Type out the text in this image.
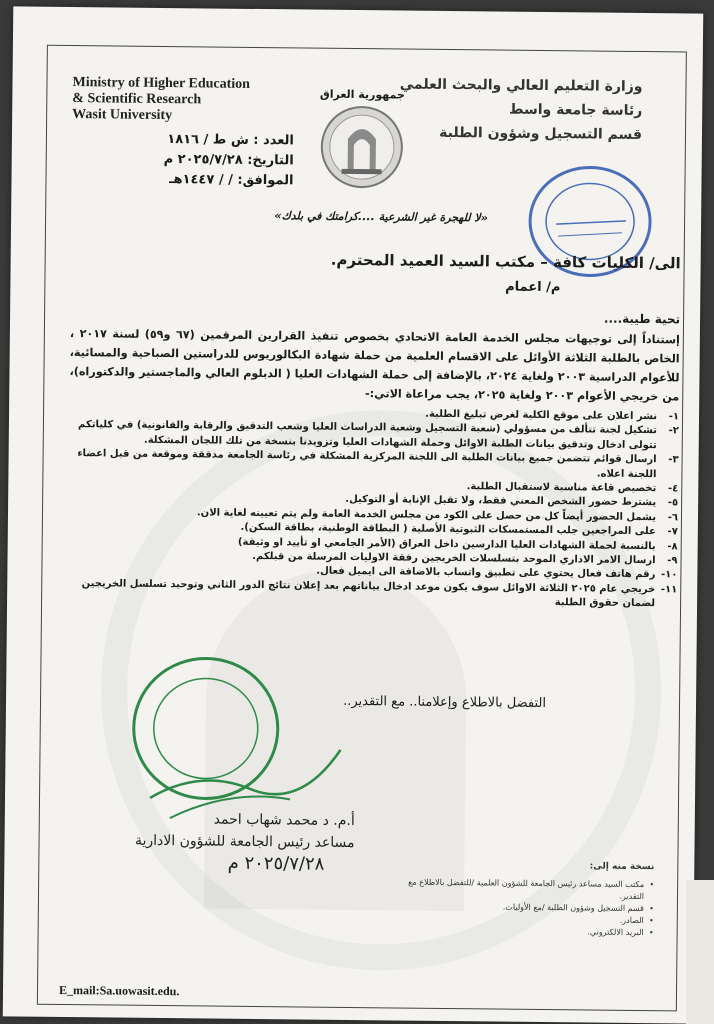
Ministry of Higher Education
& Scientific Research
Wasit University
وزارة التعليم العالي والبحث العلمي
رئاسة جامعة واسط
قسم التسجيل وشؤون الطلبة
جمهورية العراق
العدد : ش ط / ١٨١٦
التاريخ: ٢٠٢٥/٧/٢٨ م
الموافق: / / ١٤٤٧هـ
«لا للهجرة غير الشرعية ....كرامتك في بلدك»
الى/ الكليات كافة – مكتب السيد العميد المحترم.
م/ اعمام
تحية طيبة....
إستناداً إلى توجيهات مجلس الخدمة العامة الاتحادي بخصوص تنفيذ القرارين المرقمين (٦٧ و٥٩) لسنة ٢٠١٧ ، الخاص بالطلبة الثلاثة الأوائل على الاقسام العلمية من حملة شهادة البكالوريوس للدراستين الصباحية والمسائية، للأعوام الدراسية ٢٠٠٣ ولغاية ٢٠٢٤، بالإضافة إلى حملة الشهادات العليا ( الدبلوم العالي والماجستير والدكتوراه)، من خريجي الأعوام ٢٠٠٣ ولغاية ٢٠٢٥، يجب مراعاة الاتي:-
١-
نشر اعلان على موقع الكلية لغرض تبليغ الطلبة.
٢-
تشكيل لجنة تتألف من مسؤولي (شعبة التسجيل وشعبة الدراسات العليا وشعب التدقيق والرقابة والقانونية) في كلياتكم تتولى ادخال وتدقيق بيانات الطلبة الاوائل وحملة الشهادات العليا وتزويدنا بنسخة من تلك اللجان المشكلة.
٣-
ارسال قوائم تتضمن جميع بيانات الطلبة الى اللجنة المركزية المشكلة في رئاسة الجامعة مدققة وموقعة من قبل اعضاء اللجنة اعلاه.
٤-
تخصيص قاعة مناسبة لاستقبال الطلبة.
٥-
يشترط حضور الشخص المعني فقط، ولا تقبل الإنابة أو التوكيل.
٦-
يشمل الحضور أيضاً كل من حصل على الكود من مجلس الخدمة العامة ولم يتم تعيينه لغاية الان.
٧-
على المراجعين جلب المستمسكات الثبوتية الأصلية ( البطاقة الوطنية، بطاقة السكن).
٨-
بالنسبة لحملة الشهادات العليا الدارسين داخل العراق (الأمر الجامعي او تأييد او وثيقة)
٩-
ارسال الامر الاداري الموحد بتسلسلات الخريجين رفقة الاوليات المرسلة من قبلكم.
١٠-
رقم هاتف فعال يحتوي على تطبيق واتساب بالاضافة الى ايميل فعال.
١١-
خريجي عام ٢٠٢٥ الثلاثة الاوائل سوف يكون موعد ادخال بياناتهم بعد إعلان نتائج الدور الثاني وتوحيد تسلسل الخريجين لضمان حقوق الطلبة
التفضل بالاطلاع وإعلامنا.. مع التقدير..
أ.م. د محمد شهاب احمد
مساعد رئيس الجامعة للشؤون الادارية
٢٠٢٥/٧/٢٨ م	نسخة منه إلى:
• مكتب السيد مساعد رئيس الجامعة للشؤون العلمية /للتفضل بالاطلاع مع التقدير.
• قسم التسجيل وشؤون الطلبة /مع الأوليات.
• الصادر.
• البريد الالكتروني.
E_mail:Sa.uowasit.edu.
